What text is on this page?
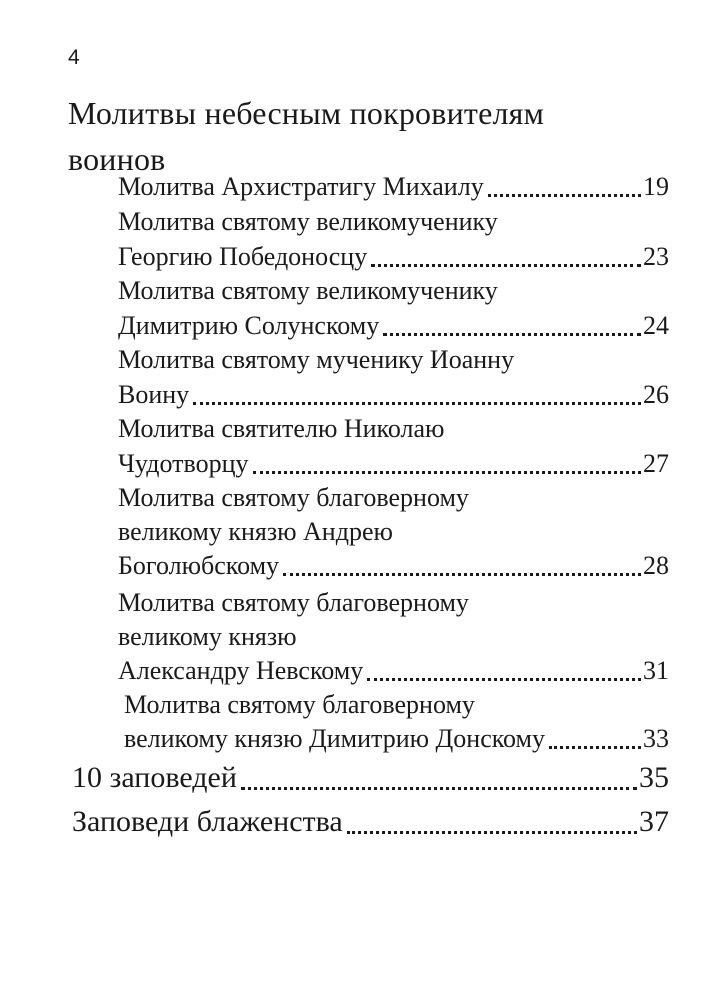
4
Молитвы небесным покровителям
воинов
Молитва Архистратигу Михаилу	19
Молитва святому великомученику
Георгию Победоносцу	23
Молитва святому великомученику
Димитрию Солунскому	24
Молитва святому мученику Иоанну
Воину	26
Молитва святителю Николаю
Чудотворцу	27
Молитва святому благоверному
великому князю Андрею
Боголюбскому	28
Молитва святому благоверному
великому князю
Александру Невскому	31
Молитва святому благоверному
великому князю Димитрию Донскому	33
10 заповедей	35
Заповеди блаженства	37
